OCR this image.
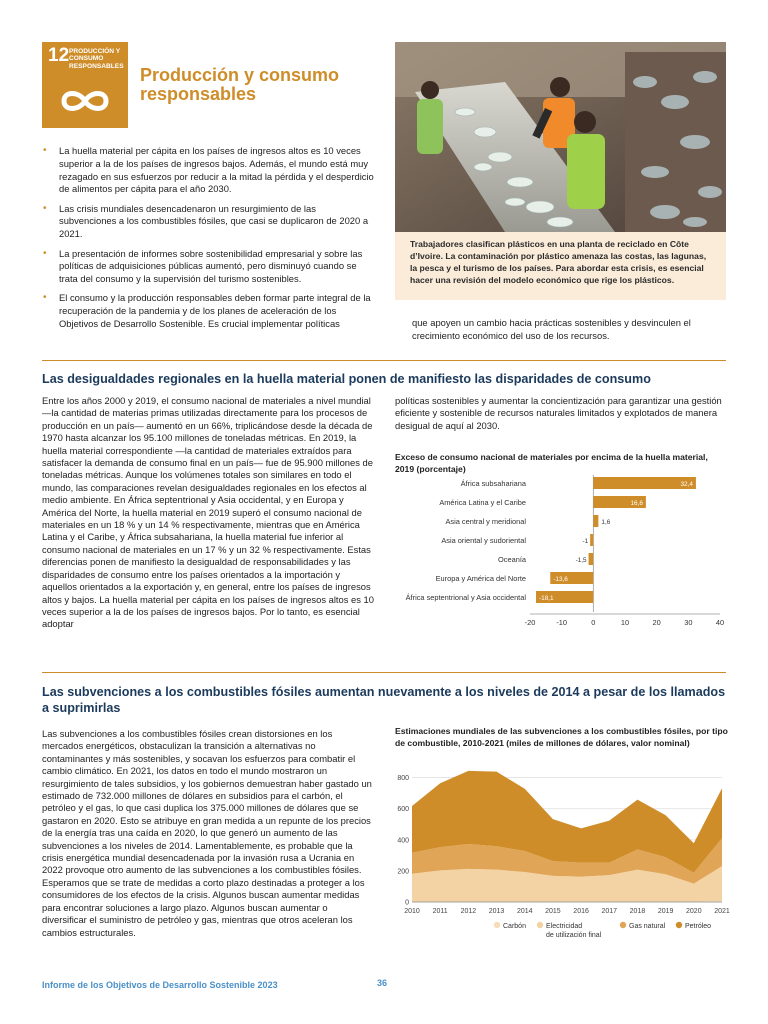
12 PRODUCCIÓN Y CONSUMO RESPONSABLES Producción y consumo responsables
• La huella material per cápita en los países de ingresos altos es 10 veces superior a la de los países de ingresos bajos. Además, el mundo está muy rezagado en sus esfuerzos por reducir a la mitad la pérdida y el desperdicio de alimentos per cápita para el año 2030.
• Las crisis mundiales desencadenaron un resurgimiento de las subvenciones a los combustibles fósiles, que casi se duplicaron de 2020 a 2021.
• La presentación de informes sobre sostenibilidad empresarial y sobre las políticas de adquisiciones públicas aumentó, pero disminuyó cuando se trata del consumo y la supervisión del turismo sostenibles.
• El consumo y la producción responsables deben formar parte integral de la recuperación de la pandemia y de los planes de aceleración de los Objetivos de Desarrollo Sostenible. Es crucial implementar políticas
Trabajadores clasifican plásticos en una planta de reciclado en Côte d’Ivoire. La contaminación por plástico amenaza las costas, las lagunas, la pesca y el turismo de los países. Para abordar esta crisis, es esencial hacer una revisión del modelo económico que rige los plásticos.
que apoyen un cambio hacia prácticas sostenibles y desvinculen el crecimiento económico del uso de los recursos.
Las desigualdades regionales en la huella material ponen de manifiesto las disparidades de consumo

Entre los años 2000 y 2019, el consumo nacional de materiales a nivel mundial —la cantidad de materias primas utilizadas directamente para los procesos de producción en un país— aumentó en un 66%, triplicándose desde la década de 1970 hasta alcanzar los 95.100 millones de toneladas métricas. En 2019, la huella material correspondiente —la cantidad de materiales extraídos para satisfacer la demanda de consumo final en un país— fue de 95.900 millones de toneladas métricas. Aunque los volúmenes totales son similares en todo el mundo, las comparaciones revelan desigualdades regionales en los efectos al medio ambiente. En África septentrional y Asia occidental, y en Europa y América del Norte, la huella material en 2019 superó el consumo nacional de materiales en un 18 % y un 14 % respectivamente, mientras que en América Latina y el Caribe, y África subsahariana, la huella material fue inferior al consumo nacional de materiales en un 17 % y un 32 % respectivamente. Estas diferencias ponen de manifiesto la desigualdad de responsabilidades y las disparidades de consumo entre los países orientados a la importación y aquellos orientados a la exportación y, en general, entre los países de ingresos altos y bajos. La huella material per cápita en los países de ingresos altos es 10 veces superior a la de los países de ingresos bajos. Por lo tanto, es esencial adoptar

políticas sostenibles y aumentar la concientización para garantizar una gestión eficiente y sostenible de recursos naturales limitados y explotados de manera desigual de aquí al 2030.

Exceso de consumo nacional de materiales por encima de la huella material, 2019 (porcentaje)
África subsahariana	32,4
América Latina y el Caribe	16,6
Asia central y meridional	1,6
Asia oriental y sudoriental	-1
Oceanía	-1,5
Europa y América del Norte	-13,6
África septentrional y Asia occidental -18,1
-20	-10	0	10	20	30	40
Las subvenciones a los combustibles fósiles aumentan nuevamente a los niveles de 2014 a pesar de los llamados a suprimirlas

Las subvenciones a los combustibles fósiles crean distorsiones en los mercados energéticos, obstaculizan la transición a alternativas no contaminantes y más sostenibles, y socavan los esfuerzos para combatir el cambio climático. En 2021, los datos en todo el mundo mostraron un resurgimiento de tales subsidios, y los gobiernos demuestran haber gastado un estimado de 732.000 millones de dólares en subsidios para el carbón, el petróleo y el gas, lo que casi duplica los 375.000 millones de dólares que se gastaron en 2020. Esto se atribuye en gran medida a un repunte de los precios de la energía tras una caída en 2020, lo que generó un aumento de las subvenciones a los niveles de 2014. Lamentablemente, es probable que la crisis energética mundial desencadenada por la invasión rusa a Ucrania en 2022 provoque otro aumento de las subvenciones a los combustibles fósiles. Esperamos que se trate de medidas a corto plazo destinadas a proteger a los consumidores de los efectos de la crisis. Algunos buscan aumentar medidas para encontrar soluciones a largo plazo. Algunos buscan aumentar o diversificar el suministro de petróleo y gas, mientras que otros aceleran los cambios estructurales.

Estimaciones mundiales de las subvenciones a los combustibles fósiles, por tipo de combustible, 2010-2021 (miles de millones de dólares, valor nominal)
0
200
400
600
800
2010 2011 2012 2013 2014 2015 2016 2017 2018 2019 2020 2021
Carbón	Electricidad
de utilización final
Gas natural	Petróleo
Informe de los Objetivos de Desarrollo Sostenible 2023	36
